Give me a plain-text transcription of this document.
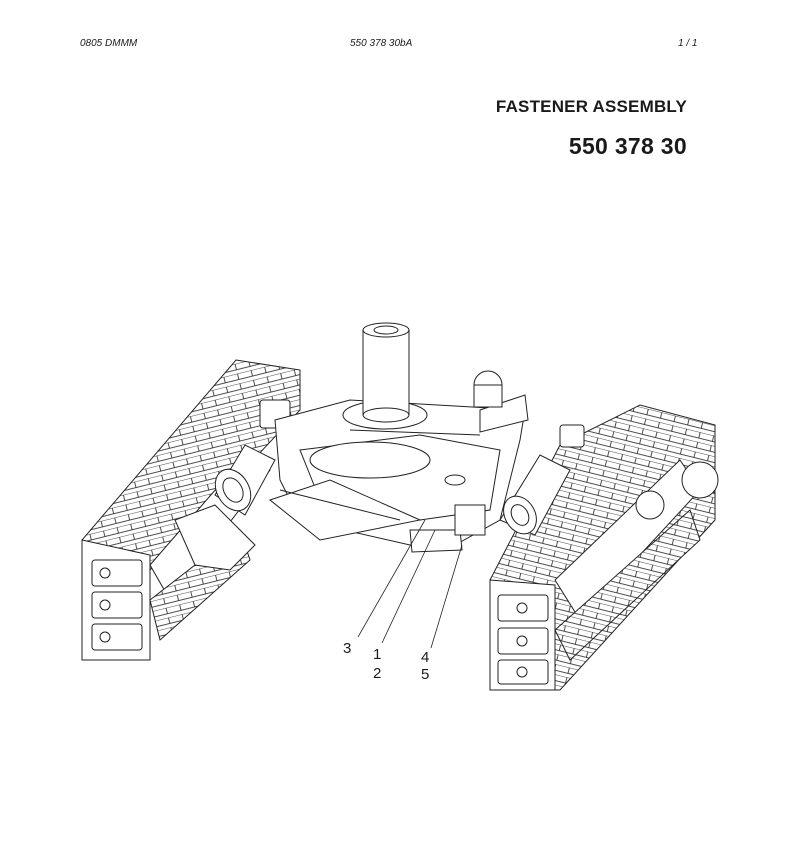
0805 DMMM	550 378 30bA	1 / 1
FASTENER ASSEMBLY
550 378 30
3 1
2
4
5
